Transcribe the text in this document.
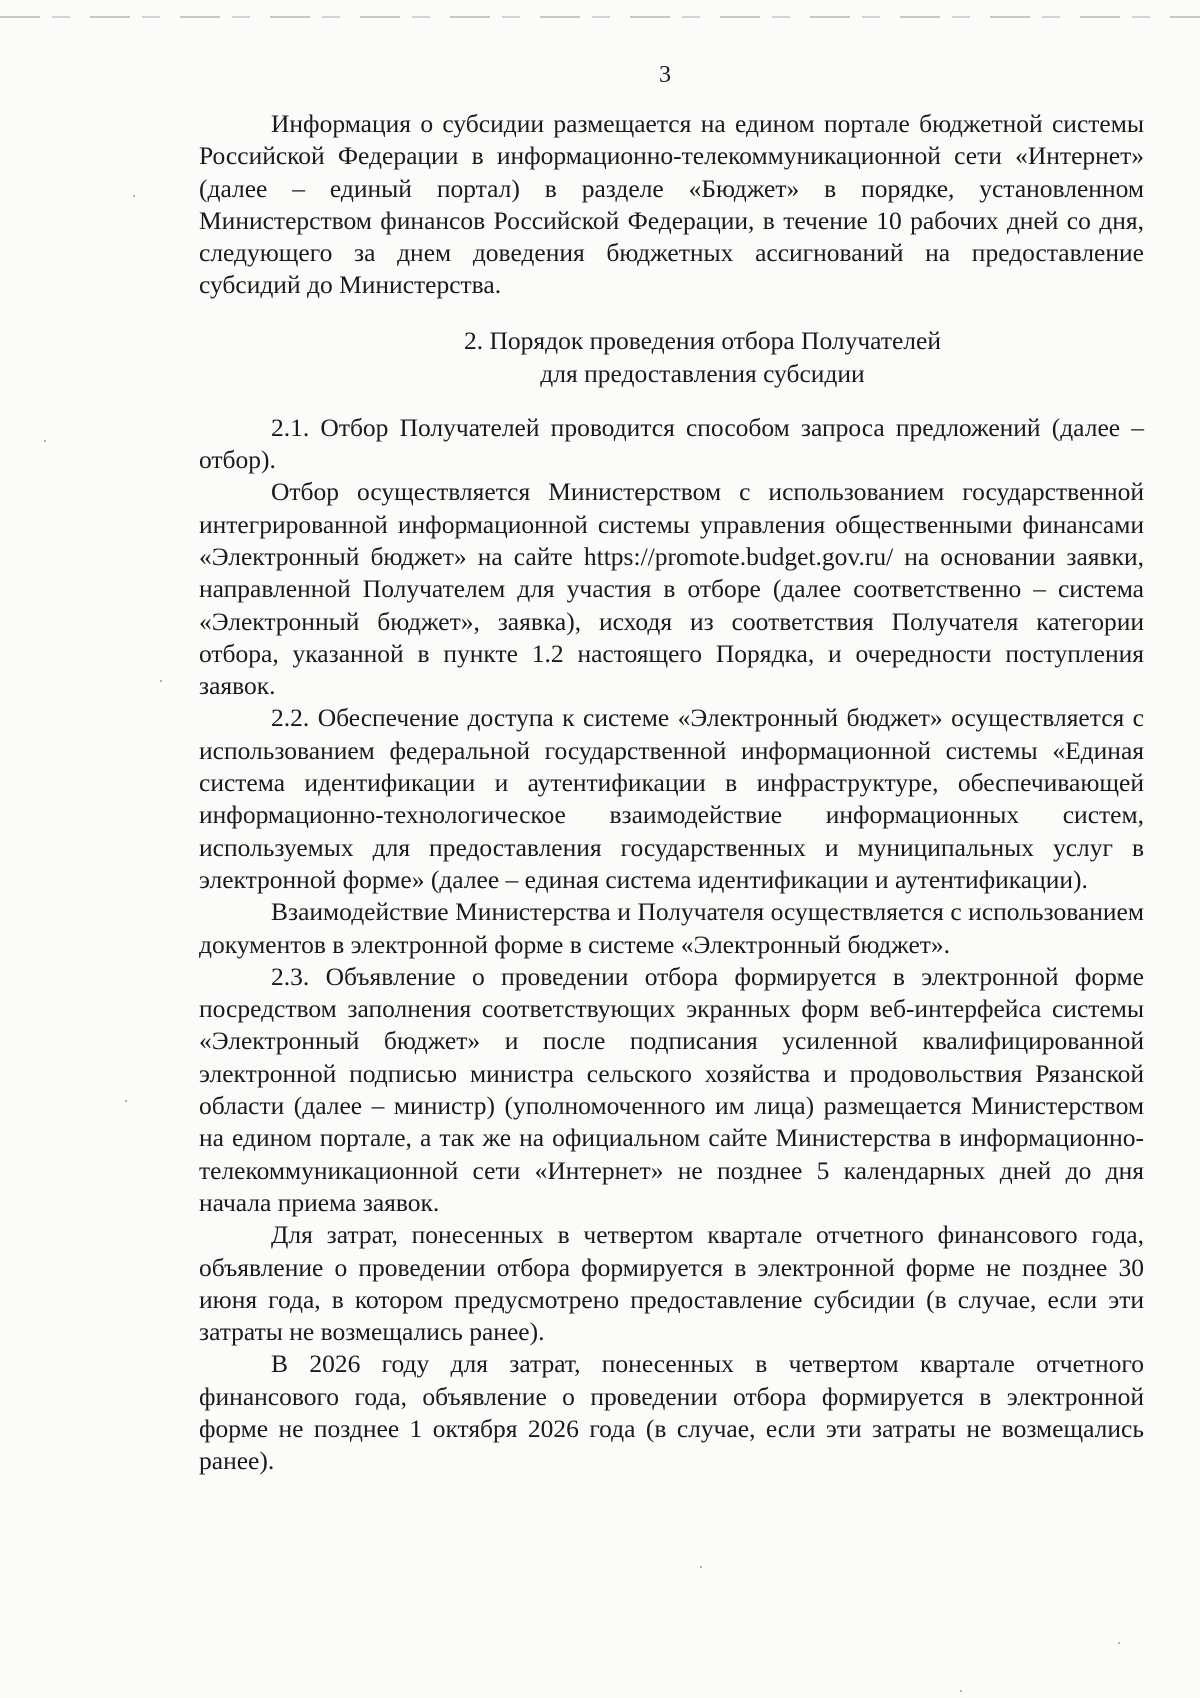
3

Информация о субсидии размещается на едином портале бюджетной системы Российской Федерации в информационно-телекоммуникационной сети «Интернет» (далее – единый портал) в разделе «Бюджет» в порядке, установленном Министерством финансов Российской Федерации, в течение 10 рабочих дней со дня, следующего за днем доведения бюджетных ассигнований на предоставление субсидий до Министерства.

2. Порядок проведения отбора Получателей
для предоставления субсидии

2.1. Отбор Получателей проводится способом запроса предложений (далее – отбор).

Отбор осуществляется Министерством с использованием государственной интегрированной информационной системы управления общественными финансами «Электронный бюджет» на сайте https://promote.budget.gov.ru/ на основании заявки, направленной Получателем для участия в отборе (далее соответственно – система «Электронный бюджет», заявка), исходя из соответствия Получателя категории отбора, указанной в пункте 1.2 настоящего Порядка, и очередности поступления заявок.

2.2. Обеспечение доступа к системе «Электронный бюджет» осуществляется с использованием федеральной государственной информационной системы «Единая система идентификации и аутентификации в инфраструктуре, обеспечивающей информационно-технологическое взаимодействие информационных систем, используемых для предоставления государственных и муниципальных услуг в электронной форме» (далее – единая система идентификации и аутентификации).

Взаимодействие Министерства и Получателя осуществляется с использованием документов в электронной форме в системе «Электронный бюджет».

2.3. Объявление о проведении отбора формируется в электронной форме посредством заполнения соответствующих экранных форм веб-интерфейса системы «Электронный бюджет» и после подписания усиленной квалифицированной электронной подписью министра сельского хозяйства и продовольствия Рязанской области (далее – министр) (уполномоченного им лица) размещается Министерством на едином портале, а так же на официальном сайте Министерства в информационно-телекоммуникационной сети «Интернет» не позднее 5 календарных дней до дня начала приема заявок.

Для затрат, понесенных в четвертом квартале отчетного финансового года, объявление о проведении отбора формируется в электронной форме не позднее 30 июня года, в котором предусмотрено предоставление субсидии (в случае, если эти затраты не возмещались ранее).

В 2026 году для затрат, понесенных в четвертом квартале отчетного финансового года, объявление о проведении отбора формируется в электронной форме не позднее 1 октября 2026 года (в случае, если эти затраты не возмещались ранее).
